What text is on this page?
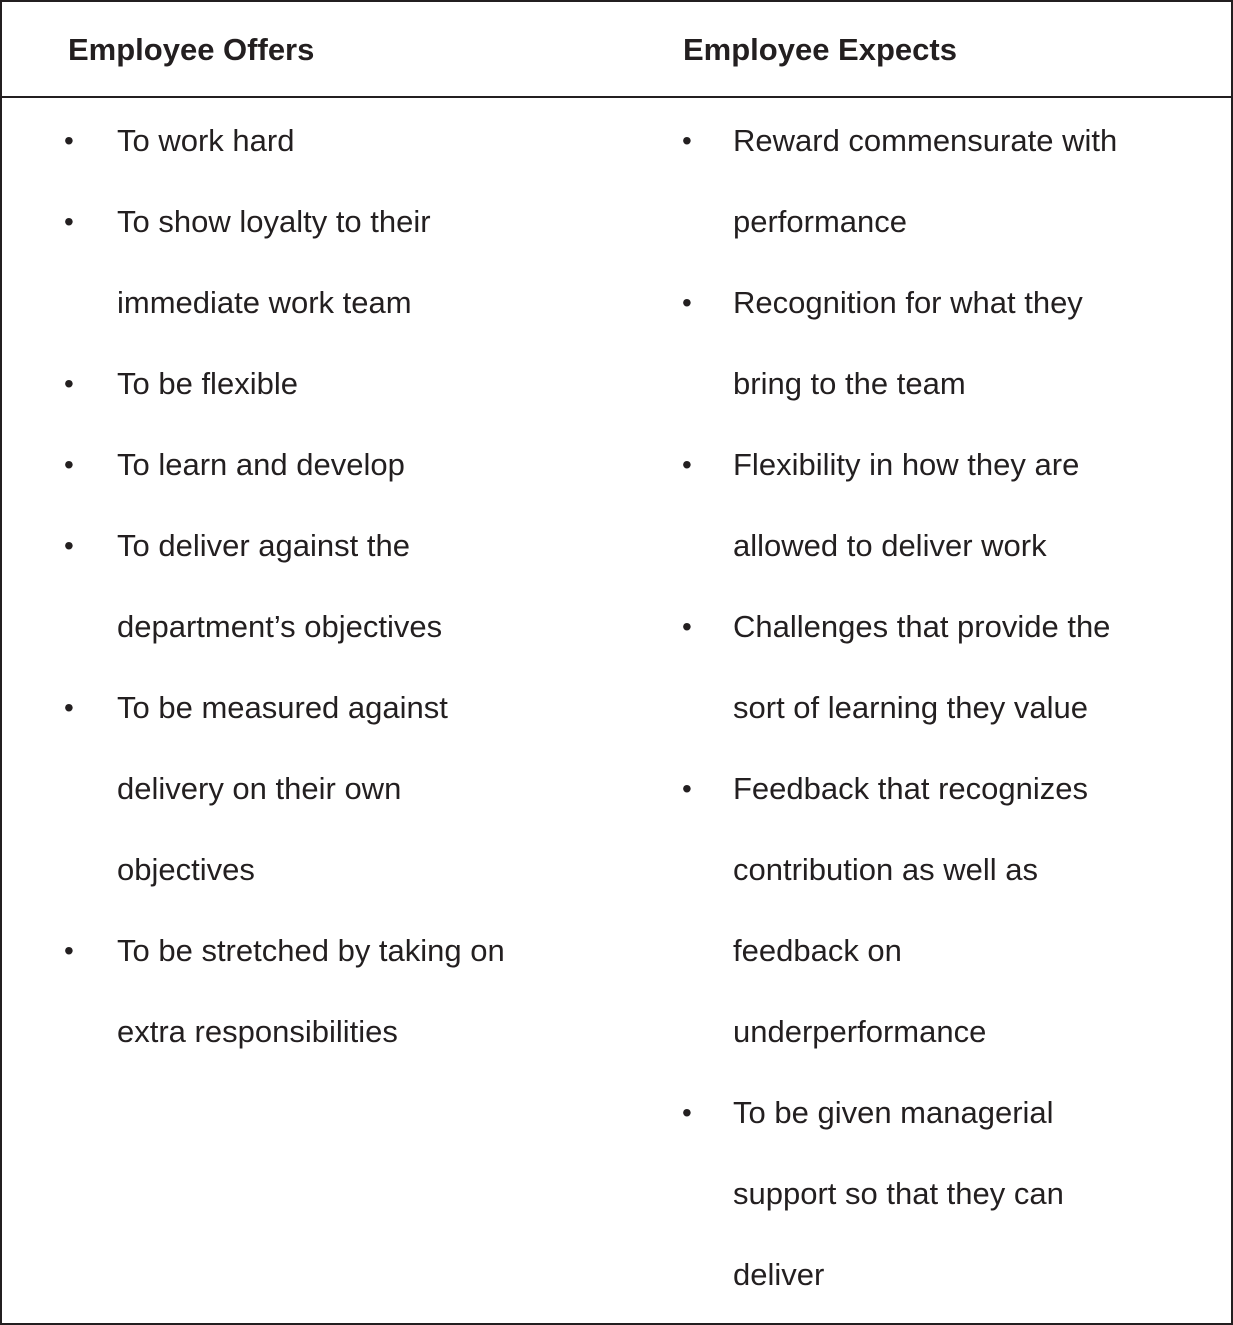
Employee Offers	Employee Expects
• To work hard
• To show loyalty to their
immediate work team
• To be flexible
• To learn and develop
• To deliver against the
department’s objectives
• To be measured against
delivery on their own
objectives
• To be stretched by taking on
extra responsibilities
• Reward commensurate with
performance
• Recognition for what they
bring to the team
• Flexibility in how they are
allowed to deliver work
• Challenges that provide the
sort of learning they value
• Feedback that recognizes
contribution as well as
feedback on
underperformance
• To be given managerial
support so that they can
deliver
